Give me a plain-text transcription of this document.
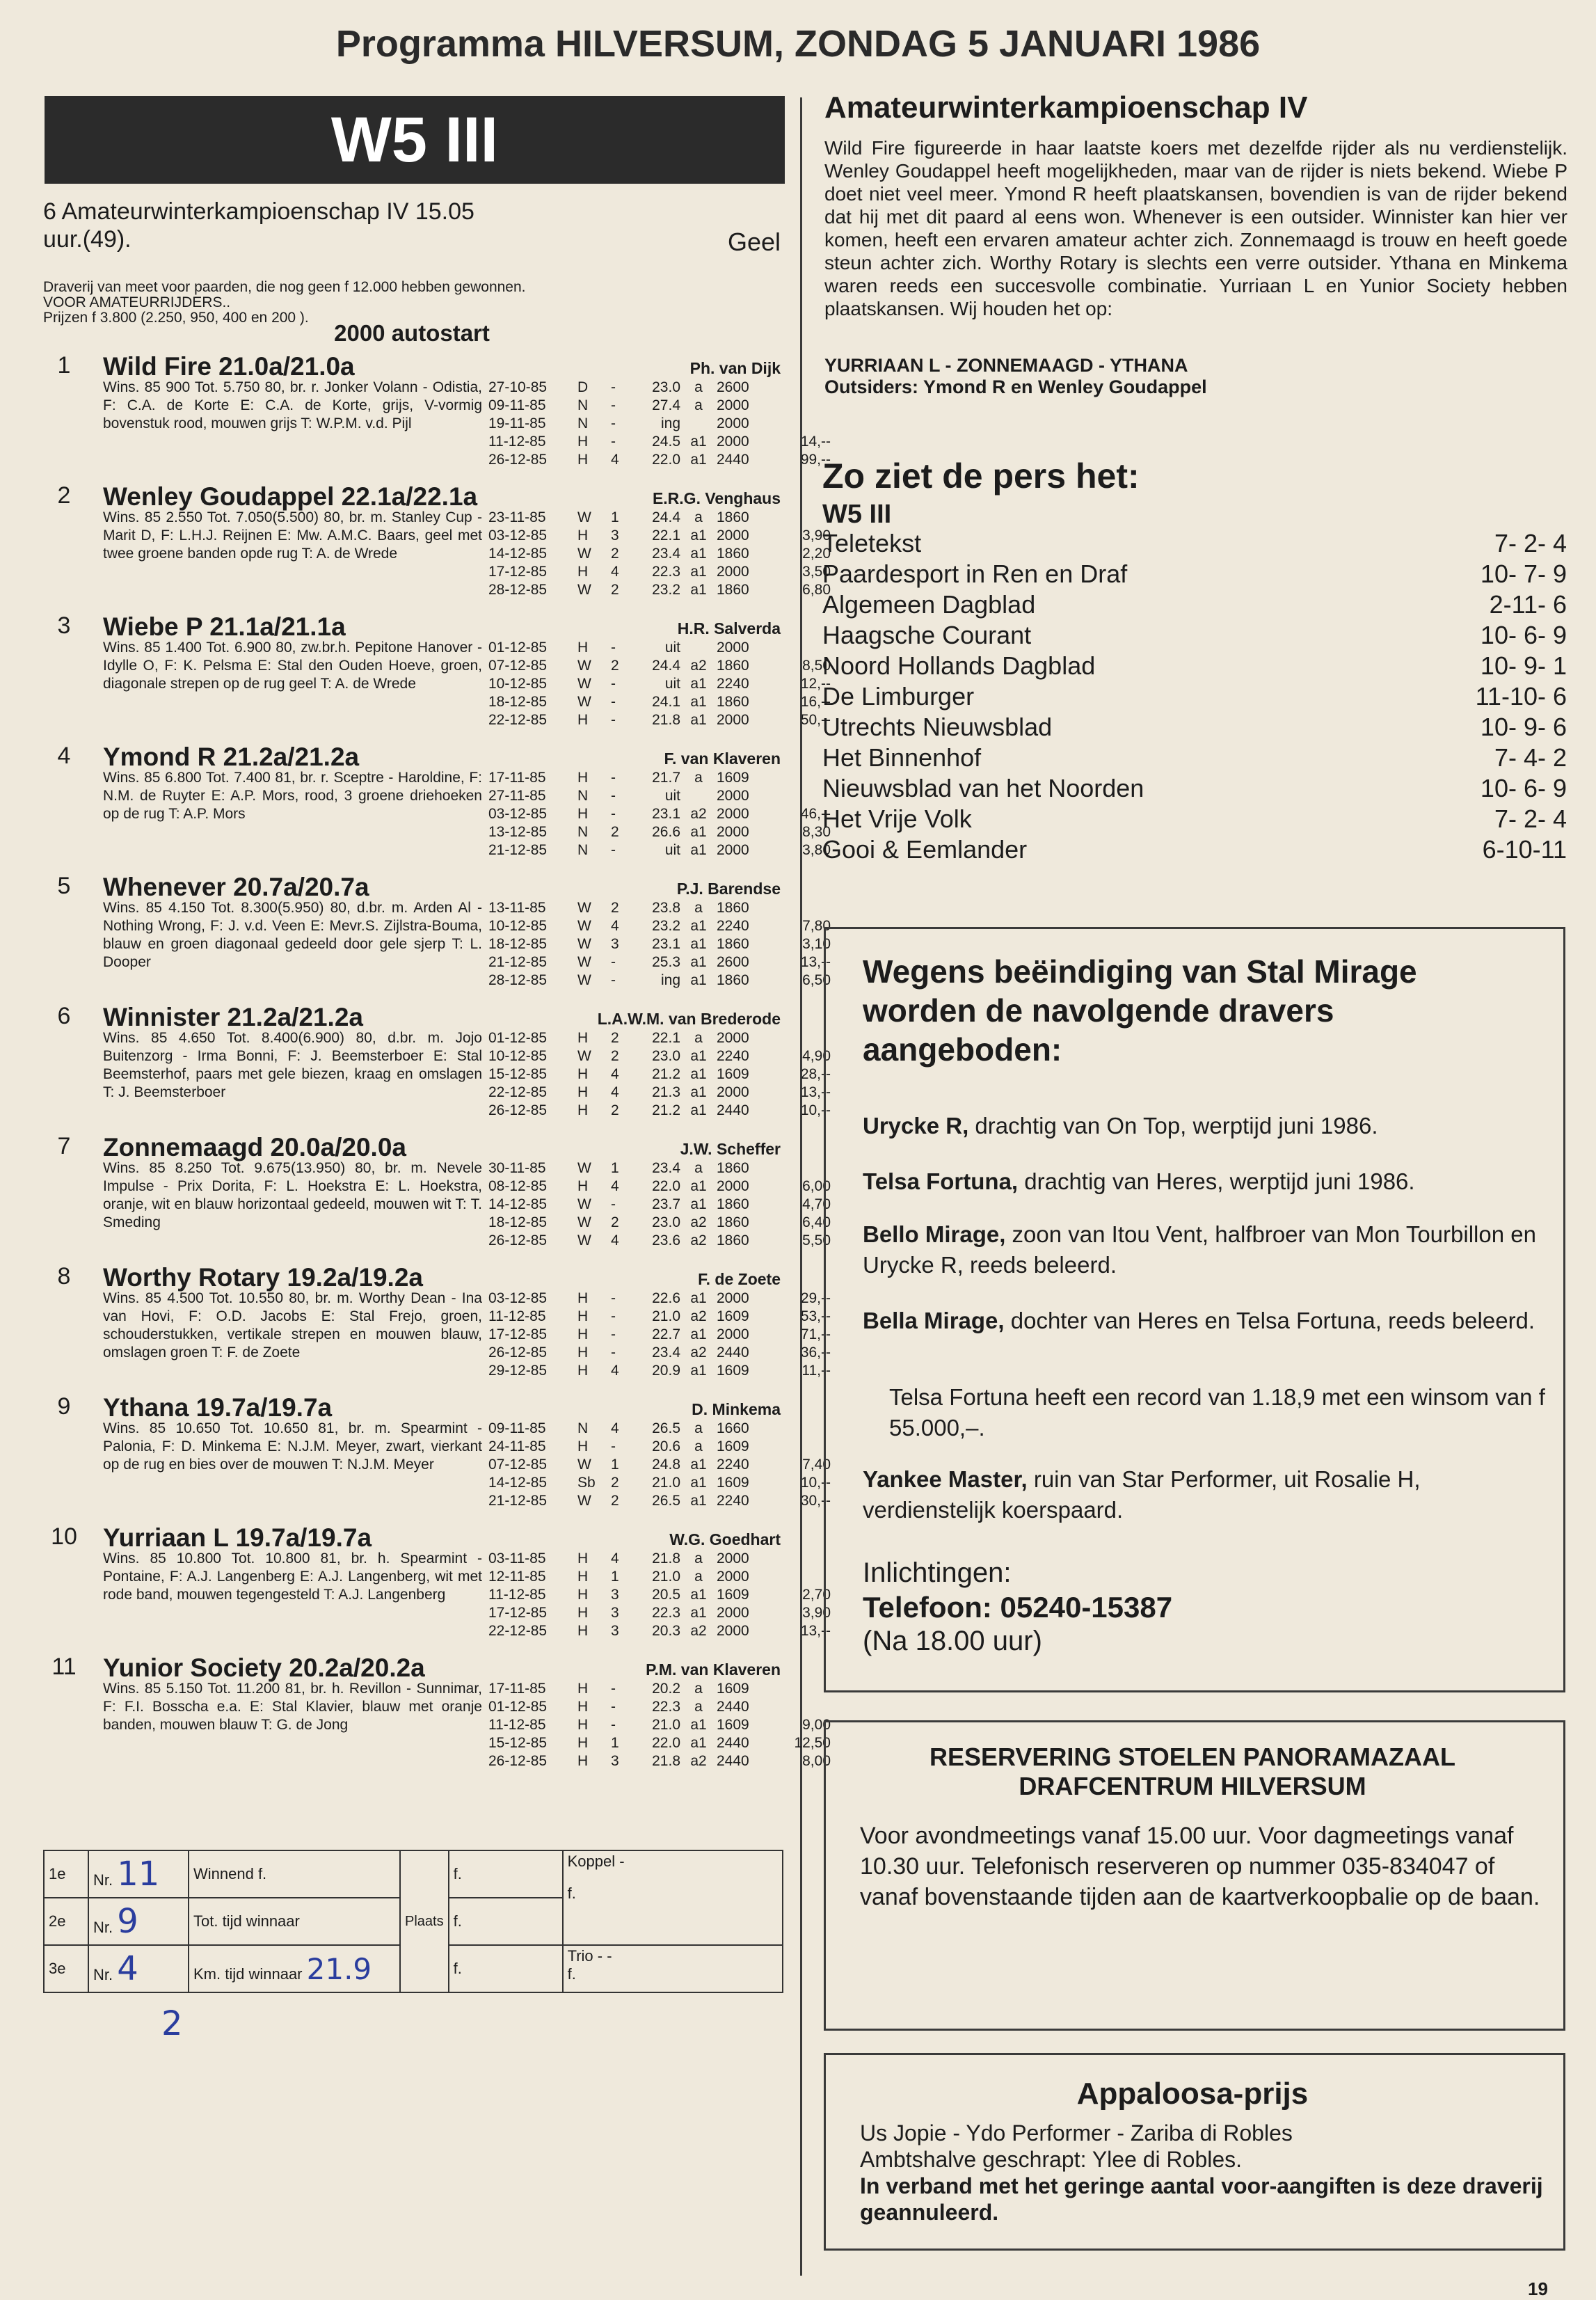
Programma HILVERSUM, ZONDAG 5 JANUARI 1986
W5 III
6 Amateurwinterkampioenschap IV 15.05
uur.(49).	Geel
Draverij van meet voor paarden, die nog geen f 12.000 hebben gewonnen.
VOOR AMATEURRIJDERS..
Prijzen f 3.800 (2.250, 950, 400 en 200 ).
2000 autostart
1	Wild Fire 21.0a/21.0a	Ph. van Dijk
Wins. 85 900 Tot. 5.750 80, br. r. Jonker Volann - Odistia, F: C.A. de Korte E: C.A. de Korte, grijs, V-vormig bovenstuk rood, mouwen grijs T: W.P.M. v.d. Pijl
27-10-85 D - 23.0 a 2600
09-11-85 N - 27.4 a 2000
19-11-85 N -	ing 2000
11-12-85 H - 24.5 a1 2000	14,--
26-12-85 H 4 22.0 a1 2440	99,--
2	Wenley Goudappel 22.1a/22.1a	E.R.G. Venghaus
Wins. 85 2.550 Tot. 7.050(5.500) 80, br. m. Stanley Cup - Marit D, F: L.H.J. Reijnen E: Mw. A.M.C. Baars, geel met twee groene banden opde rug T: A. de Wrede
23-11-85 W 1 24.4 a 1860
03-12-85 H 3 22.1 a1 2000	3,90
14-12-85 W 2 23.4 a1 1860	2,20
17-12-85 H 4 22.3 a1 2000	3,50
28-12-85 W 2 23.2 a1 1860	6,80
3	Wiebe P 21.1a/21.1a	H.R. Salverda
Wins. 85 1.400 Tot. 6.900 80, zw.br.h. Pepitone Hanover - Idylle O, F: K. Pelsma E: Stal den Ouden Hoeve, groen, diagonale strepen op de rug geel T: A. de Wrede
01-12-85 H -	uit 2000
07-12-85 W 2 24.4 a2 1860	8,50
10-12-85 W -	uit a1 2240	12,--
18-12-85 W - 24.1 a1 1860	16,--
22-12-85 H - 21.8 a1 2000	50,--
4	Ymond R 21.2a/21.2a	F. van Klaveren
Wins. 85 6.800 Tot. 7.400 81, br. r. Sceptre - Haroldine, F: N.M. de Ruyter E: A.P. Mors, rood, 3 groene driehoeken op de rug T: A.P. Mors
17-11-85 H - 21.7 a 1609
27-11-85 N -	uit 2000
03-12-85 H - 23.1 a2 2000	46,--
13-12-85 N 2 26.6 a1 2000	8,30
21-12-85 N -	uit a1 2000	3,80
5	Whenever 20.7a/20.7a	P.J. Barendse
Wins. 85 4.150 Tot. 8.300(5.950) 80, d.br. m. Arden Al - Nothing Wrong, F: J. v.d. Veen E: Mevr.S. Zijlstra-Bouma, blauw en groen diagonaal gedeeld door gele sjerp T: L. Dooper
13-11-85 W 2 23.8 a 1860
10-12-85 W 4 23.2 a1 2240	7,80
18-12-85 W 3 23.1 a1 1860	3,10
21-12-85 W - 25.3 a1 2600	13,--
28-12-85 W -	ing a1 1860	6,50
6	Winnister 21.2a/21.2a	L.A.W.M. van Brederode
Wins. 85 4.650 Tot. 8.400(6.900) 80, d.br. m. Jojo Buitenzorg - Irma Bonni, F: J. Beemsterboer E: Stal Beemsterhof, paars met gele biezen, kraag en omslagen T: J. Beemsterboer
01-12-85 H 2 22.1 a 2000
10-12-85 W 2 23.0 a1 2240	4,90
15-12-85 H 4 21.2 a1 1609	28,--
22-12-85 H 4 21.3 a1 2000	13,--
26-12-85 H 2 21.2 a1 2440	10,--
7	Zonnemaagd 20.0a/20.0a	J.W. Scheffer
Wins. 85 8.250 Tot. 9.675(13.950) 80, br. m. Nevele Impulse - Prix Dorita, F: L. Hoekstra E: L. Hoekstra, oranje, wit en blauw horizontaal gedeeld, mouwen wit T: T. Smeding
30-11-85 W 1 23.4 a 1860
08-12-85 H 4 22.0 a1 2000	6,00
14-12-85 W - 23.7 a1 1860	4,70
18-12-85 W 2 23.0 a2 1860	6,40
26-12-85 W 4 23.6 a2 1860	5,50
8	Worthy Rotary 19.2a/19.2a	F. de Zoete
Wins. 85 4.500 Tot. 10.550 80, br. m. Worthy Dean - Ina van Hovi, F: O.D. Jacobs E: Stal Frejo, groen, schouderstukken, vertikale strepen en mouwen blauw, omslagen groen T: F. de Zoete
03-12-85 H - 22.6 a1 2000	29,--
11-12-85 H - 21.0 a2 1609	53,--
17-12-85 H - 22.7 a1 2000	71,--
26-12-85 H - 23.4 a2 2440	36,--
29-12-85 H 4 20.9 a1 1609	11,--
9	Ythana 19.7a/19.7a	D. Minkema
Wins. 85 10.650 Tot. 10.650 81, br. m. Spearmint - Palonia, F: D. Minkema E: N.J.M. Meyer, zwart, vierkant op de rug en bies over de mouwen T: N.J.M. Meyer
09-11-85 N 4 26.5 a 1660
24-11-85 H - 20.6 a 1609
07-12-85 W 1 24.8 a1 2240	7,40
14-12-85 Sb 2 21.0 a1 1609	10,--
21-12-85 W 2 26.5 a1 2240	30,--
10 Yurriaan L 19.7a/19.7a	W.G. Goedhart
Wins. 85 10.800 Tot. 10.800 81, br. h. Spearmint - Pontaine, F: A.J. Langenberg E: A.J. Langenberg, wit met rode band, mouwen tegengesteld T: A.J. Langenberg
03-11-85 H 4 21.8 a 2000
12-11-85 H 1 21.0 a 2000
11-12-85 H 3 20.5 a1 1609	2,70
17-12-85 H 3 22.3 a1 2000	3,90
22-12-85 H 3 20.3 a2 2000	13,--
11	Yunior Society 20.2a/20.2a	P.M. van Klaveren
Wins. 85 5.150 Tot. 11.200 81, br. h. Revillon - Sunnimar, F: F.I. Bosscha e.a. E: Stal Klavier, blauw met oranje banden, mouwen blauw T: G. de Jong
17-11-85 H - 20.2 a 1609
01-12-85 H - 22.3 a 2440
11-12-85 H - 21.0 a1 1609	9,00
15-12-85 H 1 22.0 a1 2440	12,50
26-12-85 H 3 21.8 a2 2440	8,00
1e	Nr. 11	Winnend f.	Plaats	f.	Koppel -
f.

2e	Nr. 9	Tot. tijd winnaar		f.	
3e	Nr. 4	Km. tijd winnaar 21.9		f.	Trio - -
f.
2
Amateurwinterkampioenschap IV
Wild Fire figureerde in haar laatste koers met dezelfde rijder als nu verdienstelijk. Wenley Goudappel heeft mogelijkheden, maar van de rijder is niets bekend. Wiebe P doet niet veel meer. Ymond R heeft plaatskansen, bovendien is van de rijder bekend dat hij met dit paard al eens won. Whenever is een outsider. Winnister kan hier ver komen, heeft een ervaren amateur achter zich. Zonnemaagd is trouw en heeft goede steun achter zich. Worthy Rotary is slechts een verre outsider. Ythana en Minkema waren reeds een succesvolle combinatie. Yurriaan L en Yunior Society hebben plaatskansen. Wij houden het op:
YURRIAAN L - ZONNEMAAGD - YTHANA
Outsiders: Ymond R en Wenley Goudappel
Zo ziet de pers het:
W5 III
Teletekst	7- 2- 4
Paardesport in Ren en Draf	10- 7- 9
Algemeen Dagblad	2-11- 6
Haagsche Courant	10- 6- 9
Noord Hollands Dagblad	10- 9- 1
De Limburger	11-10- 6
Utrechts Nieuwsblad	10- 9- 6
Het Binnenhof	7- 4- 2
Nieuwsblad van het Noorden	10- 6- 9
Het Vrije Volk	7- 2- 4
Gooi & Eemlander	6-10-11
Wegens beëindiging van Stal Mirage worden de navolgende dravers aangeboden:
Urycke R, drachtig van On Top, werptijd juni 1986.
Telsa Fortuna, drachtig van Heres, werptijd juni 1986.
Bello Mirage, zoon van Itou Vent, halfbroer van Mon Tourbillon en Urycke R, reeds beleerd.
Bella Mirage, dochter van Heres en Telsa Fortuna, reeds beleerd.
Telsa Fortuna heeft een record van 1.18,9 met een winsom van f 55.000,–.
Yankee Master, ruin van Star Performer, uit Rosalie H, verdienstelijk koerspaard.
Inlichtingen:
Telefoon: 05240-15387
(Na 18.00 uur)
RESERVERING STOELEN PANORAMAZAAL
DRAFCENTRUM HILVERSUM
Voor avondmeetings vanaf 15.00 uur. Voor dagmeetings vanaf 10.30 uur. Telefonisch reserveren op nummer 035-834047 of vanaf bovenstaande tijden aan de kaartverkoopbalie op de baan.
Appaloosa-prijs
Us Jopie - Ydo Performer - Zariba di Robles
Ambtshalve geschrapt: Ylee di Robles.
In verband met het geringe aantal voor-aangiften is deze draverij geannuleerd.
19
